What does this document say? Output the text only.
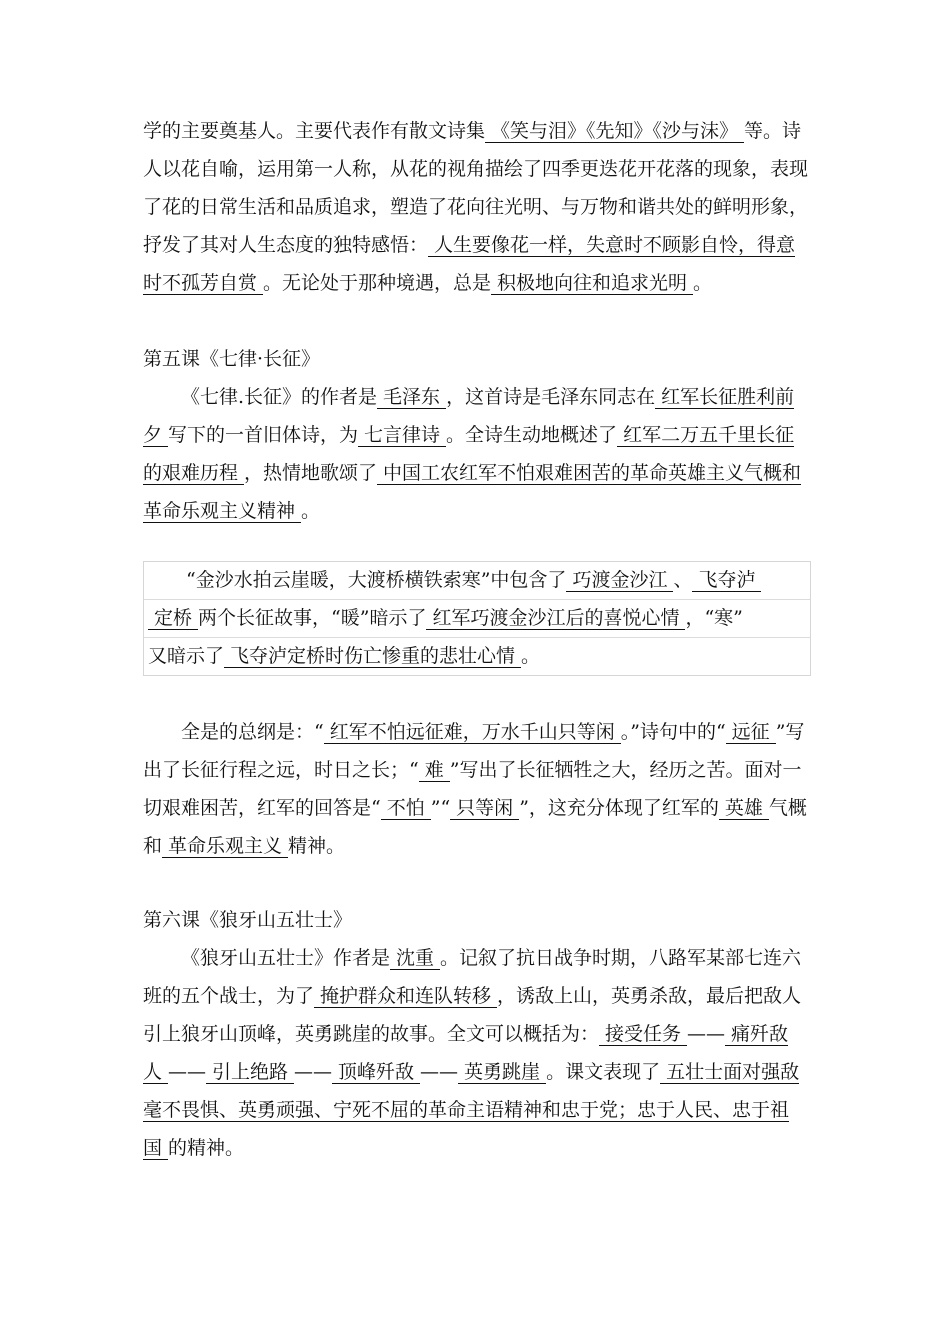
学的主要奠基人。主要代表作有散文诗集 《笑与泪》《先知》《沙与沫》 等。诗人以花自喻，运用第一人称，从花的视角描绘了四季更迭花开花落的现象，表现了花的日常生活和品质追求，塑造了花向往光明、与万物和谐共处的鲜明形象，抒发了其对人生态度的独特感悟： 人生要像花一样，失意时不顾影自怜，得意时不孤芳自赏 。无论处于那种境遇，总是 积极地向往和追求光明 。

第五课《七律·长征》

《七律.长征》的作者是 毛泽东 ，这首诗是毛泽东同志在 红军长征胜利前夕 写下的一首旧体诗，为 七言律诗 。全诗生动地概述了 红军二万五千里长征的艰难历程 ，热情地歌颂了 中国工农红军不怕艰难困苦的革命英雄主义气概和革命乐观主义精神 。

“金沙水拍云崖暖，大渡桥横铁索寒”中包含了 巧渡金沙江 、 飞夺泸
定桥 两个长征故事，“暖”暗示了 红军巧渡金沙江后的喜悦心情 ，“寒”
又暗示了 飞夺泸定桥时伤亡惨重的悲壮心情 。

全是的总纲是：“ 红军不怕远征难，万水千山只等闲 。”诗句中的“ 远征 ”写出了长征行程之远，时日之长；“ 难 ”写出了长征牺牲之大，经历之苦。面对一切艰难困苦，红军的回答是“ 不怕 ”“ 只等闲 ”，这充分体现了红军的 英雄 气概和 革命乐观主义 精神。

第六课《狼牙山五壮士》

《狼牙山五壮士》作者是 沈重 。记叙了抗日战争时期，八路军某部七连六班的五个战士，为了 掩护群众和连队转移 ，诱敌上山，英勇杀敌，最后把敌人引上狼牙山顶峰，英勇跳崖的故事。全文可以概括为： 接受任务 —— 痛歼敌人 —— 引上绝路 —— 顶峰歼敌 —— 英勇跳崖 。课文表现了 五壮士面对强敌毫不畏惧、英勇顽强、宁死不屈的革命主语精神和忠于党；忠于人民、忠于祖国 的精神。
